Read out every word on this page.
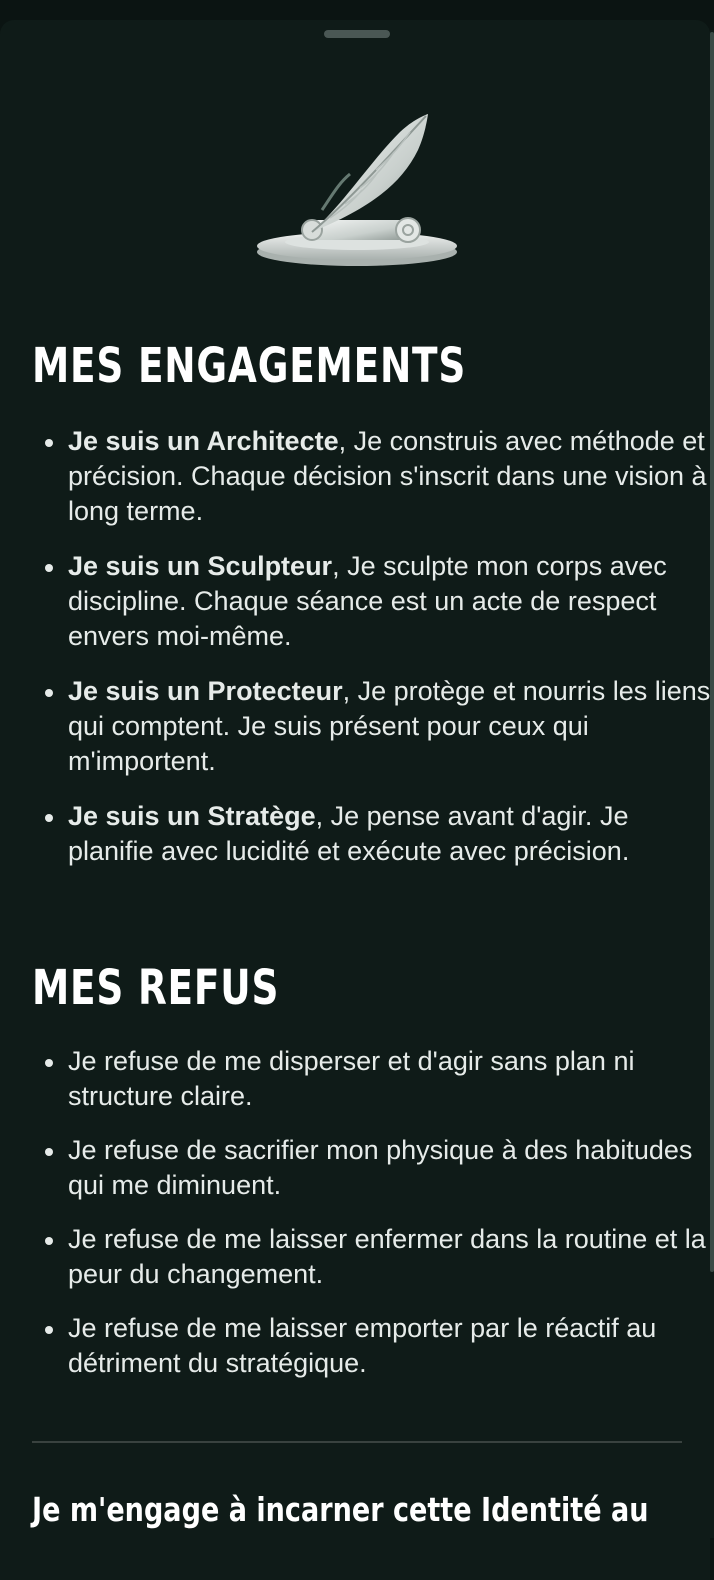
MES ENGAGEMENTS
Je suis un Architecte, Je construis avec méthode et précision. Chaque décision s'inscrit dans une vision à long terme.
Je suis un Sculpteur, Je sculpte mon corps avec discipline. Chaque séance est un acte de respect envers moi-même.
Je suis un Protecteur, Je protège et nourris les liens qui comptent. Je suis présent pour ceux qui m'importent.
Je suis un Stratège, Je pense avant d'agir. Je planifie avec lucidité et exécute avec précision.
MES REFUS
Je refuse de me disperser et d'agir sans plan ni structure claire.
Je refuse de sacrifier mon physique à des habitudes qui me diminuent.
Je refuse de me laisser enfermer dans la routine et la peur du changement.
Je refuse de me laisser emporter par le réactif au détriment du stratégique.

Je m'engage à incarner cette Identité au
